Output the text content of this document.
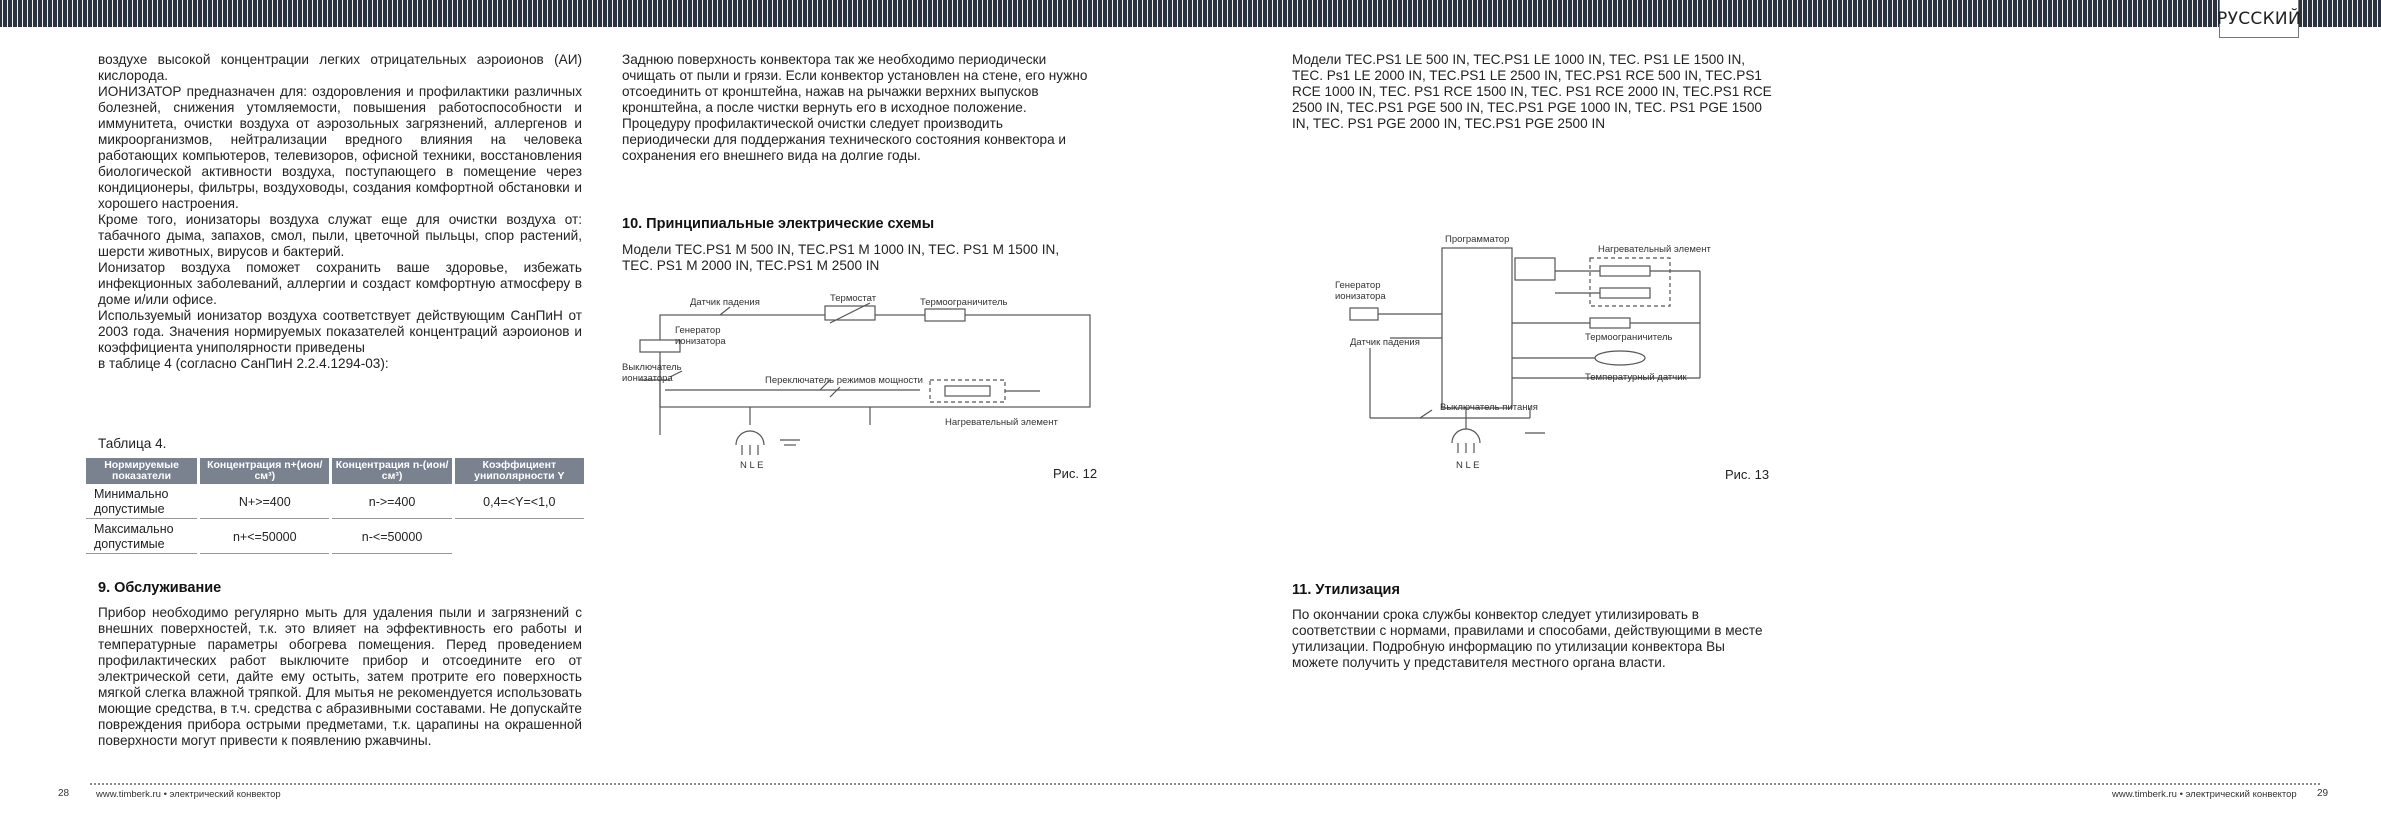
РУССКИЙ

воздухе высокой концентрации легких отрицательных аэроионов (АИ) кислорода.

ИОНИЗАТОР предназначен для: оздоровления и профилактики различных болезней, снижения утомляемости, повышения работоспособности и иммунитета, очистки воздуха от аэрозольных загрязнений, аллергенов и микроорганизмов, нейтрализации вредного влияния на человека работающих компьютеров, телевизоров, офисной техники, восстановления биологической активности воздуха, поступающего в помещение через кондиционеры, фильтры, воздуховоды, создания комфортной обстановки и хорошего настроения.

Кроме того, ионизаторы воздуха служат еще для очистки воздуха от: табачного дыма, запахов, смол, пыли, цветочной пыльцы, спор растений, шерсти животных, вирусов и бактерий.

Ионизатор воздуха поможет сохранить ваше здоровье, избежать инфекционных заболеваний, аллергии и создаст комфортную атмосферу в доме и/или офисе.

Используемый ионизатор воздуха соответствует действующим СанПиН от 2003 года. Значения нормируемых показателей концентраций аэроионов и коэффициента униполярности приведены

в таблице 4 (согласно СанПиН 2.2.4.1294-03):

Таблица 4.
Нормируемые показатели	Концентрация n+(ион/см³)	Концентрация n-(ион/см³)	Коэффициент униполярности Y
Минимально допустимые	N+>=400	n->=400	0,4=<Y=<1,0
Максимально допустимые	n+<=50000	n-<=50000	
9. Обслуживание
Прибор необходимо регулярно мыть для удаления пыли и загрязнений с внешних поверхностей, т.к. это влияет на эффективность его работы и температурные параметры обогрева помещения. Перед проведением профилактических работ выключите прибор и отсоедините его от электрической сети, дайте ему остыть, затем протрите его поверхность мягкой слегка влажной тряпкой. Для мытья не рекомендуется использовать моющие средства, в т.ч. средства с абразивными составами. Не допускайте повреждения прибора острыми предметами, т.к. царапины на окрашенной поверхности могут привести к появлению ржавчины.

Заднюю поверхность конвектора так же необходимо периодически очищать от пыли и грязи. Если конвектор установлен на стене, его нужно отсоединить от кронштейна, нажав на рычажки верхних выпусков кронштейна, а после чистки вернуть его в исходное положение.

Процедуру профилактической очистки следует производить периодически для поддержания технического состояния конвектора и сохранения его внешнего вида на долгие годы.

10. Принципиальные электрические схемы
Модели TEC.PS1 M 500 IN, TEC.PS1 M 1000 IN, TEC. PS1 M 1500 IN, TEC. PS1 M 2000 IN, TEC.PS1 M 2500 IN
Датчик падения	Термостат	Термоограничитель
Генератор
ионизатора
Выключатель
ионизатора	Переключатель режимов мощности
Нагревательный элемент
N L E
Рис. 12
Модели TEC.PS1 LE 500 IN, TEC.PS1 LE 1000 IN, TEC. PS1 LE 1500 IN, TEC. Ps1 LE 2000 IN, TEC.PS1 LE 2500 IN, TEC.PS1 RCE 500 IN, TEC.PS1 RCE 1000 IN, TEC. PS1 RCE 1500 IN, TEC. PS1 RCE 2000 IN, TEC.PS1 RCE 2500 IN, TEC.PS1 PGE 500 IN, TEC.PS1 PGE 1000 IN, TEC. PS1 PGE 1500 IN, TEC. PS1 PGE 2000 IN, TEC.PS1 PGE 2500 IN
Программатор
Нагревательный элемент
Генератор
ионизатора
Термоограничитель
Датчик падения
Температурный датчик
Выключатель питания
N L E
Рис. 13
11. Утилизация
По окончании срока службы конвектор следует утилизировать в соответствии с нормами, правилами и способами, действующими в месте утилизации. Подробную информацию по утилизации конвектора Вы можете получить у представителя местного органа власти.
28	www.timberk.ru • электрический конвектор	www.timberk.ru • электрический конвектор 29
